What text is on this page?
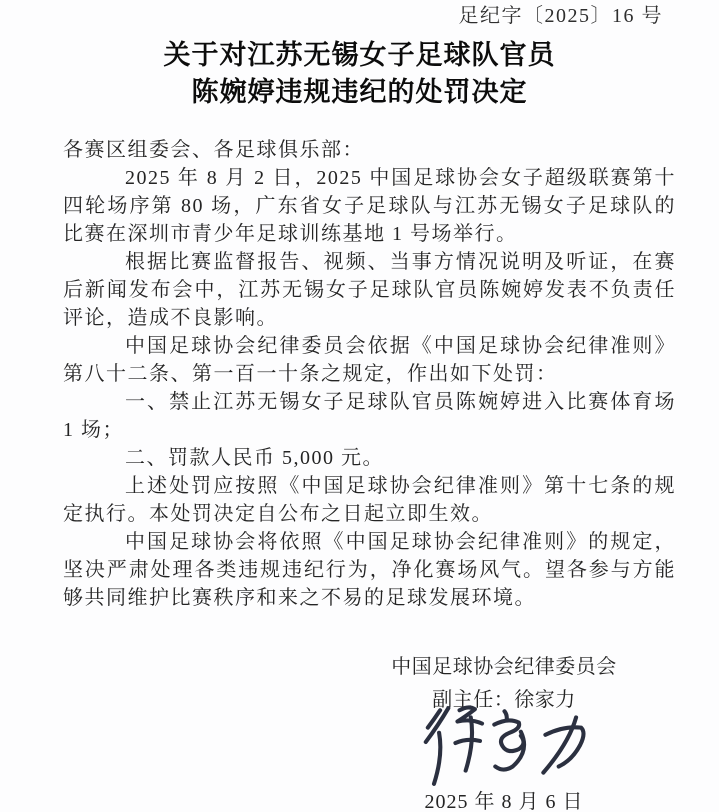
足纪字〔2025〕16 号
关于对江苏无锡女子足球队官员
陈婉婷违规违纪的处罚决定
各赛区组委会、各足球俱乐部：
2025 年 8 月 2 日，2025 中国足球协会女子超级联赛第十四轮场序第 80 场，广东省女子足球队与江苏无锡女子足球队的比赛在深圳市青少年足球训练基地 1 号场举行。
根据比赛监督报告、视频、当事方情况说明及听证，在赛后新闻发布会中，江苏无锡女子足球队官员陈婉婷发表不负责任评论，造成不良影响。
中国足球协会纪律委员会依据《中国足球协会纪律准则》第八十二条、第一百一十条之规定，作出如下处罚：
一、禁止江苏无锡女子足球队官员陈婉婷进入比赛体育场 1 场；
二、罚款人民币 5,000 元。
上述处罚应按照《中国足球协会纪律准则》第十七条的规定执行。本处罚决定自公布之日起立即生效。
中国足球协会将依照《中国足球协会纪律准则》的规定，坚决严肃处理各类违规违纪行为，净化赛场风气。望各参与方能够共同维护比赛秩序和来之不易的足球发展环境。
中国足球协会纪律委员会
副主任：徐家力
2025 年 8 月 6 日
